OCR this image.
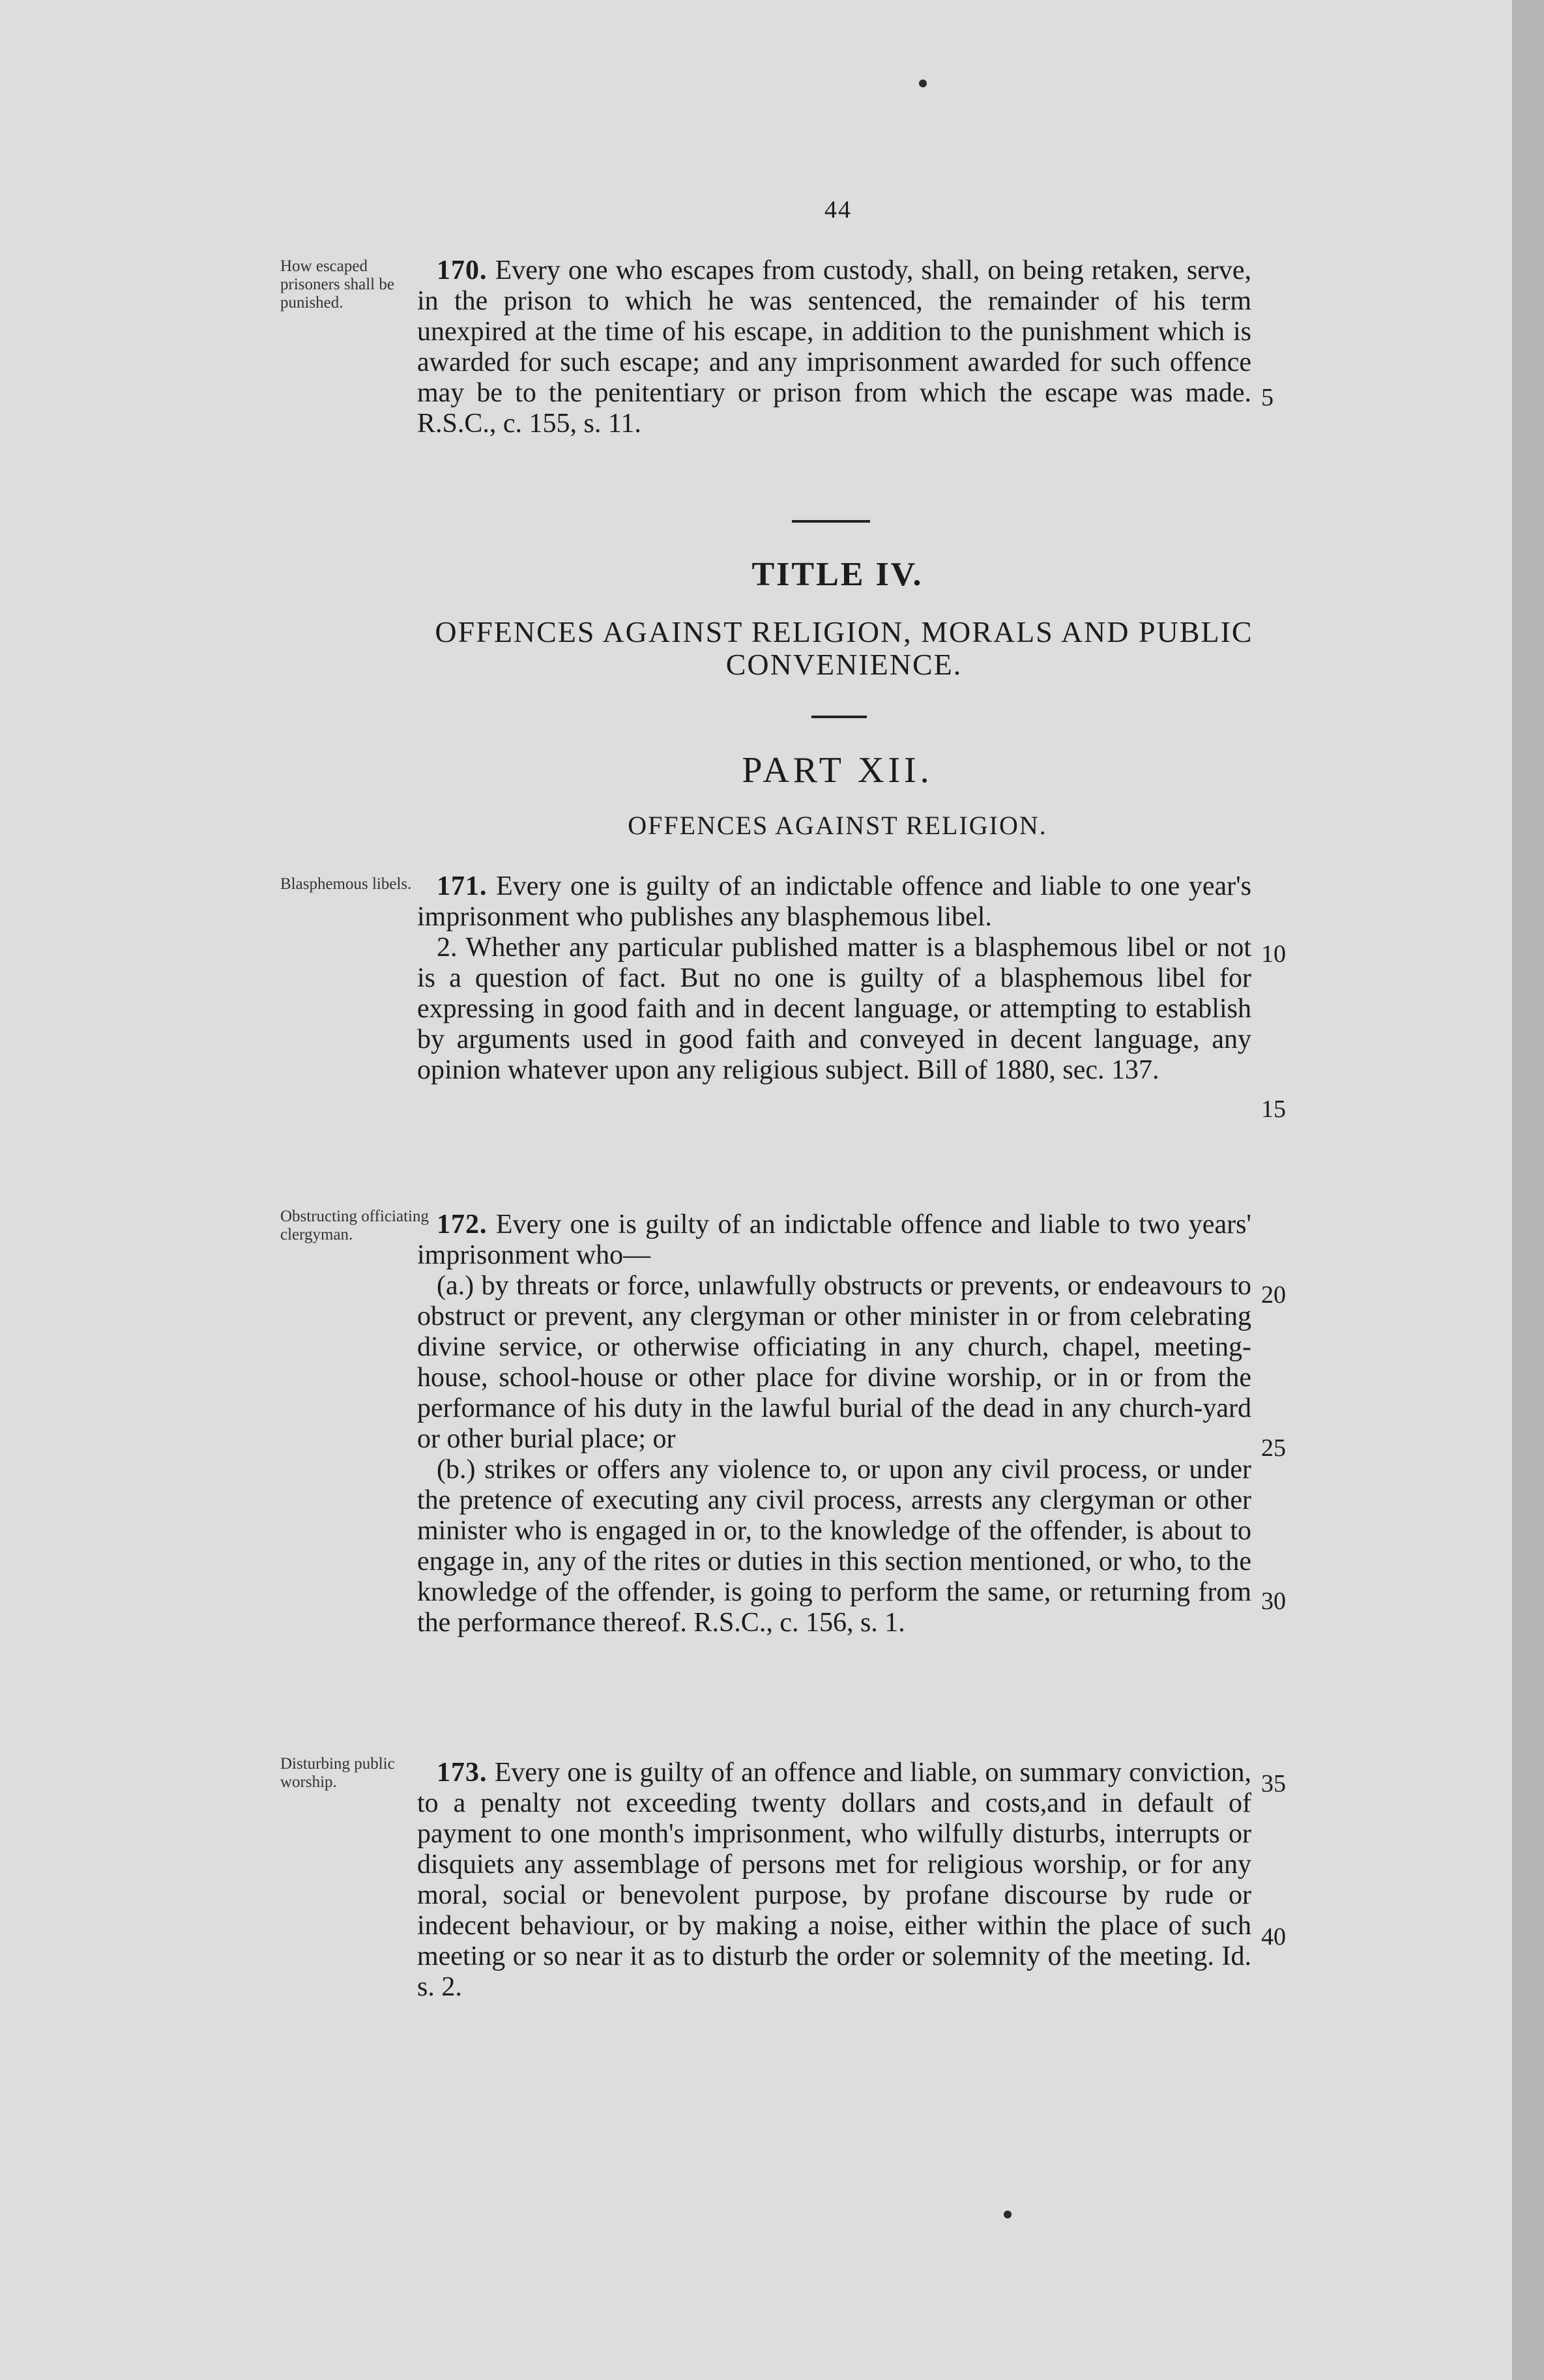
44
How escaped prisoners shall be punished.

170. Every one who escapes from custody, shall, on being retaken, serve, in the prison to which he was sentenced, the remainder of his term unexpired at the time of his escape, in addition to the punishment which is awarded for such escape; and any imprisonment awarded for such offence may be to the penitentiary or prison from which the escape was made. R.S.C., c. 155, s. 11.

5
TITLE IV.
OFFENCES AGAINST RELIGION, MORALS AND PUBLIC CONVENIENCE.
PART XII.
OFFENCES AGAINST RELIGION.
Blasphemous libels. 171. Every one is guilty of an indictable offence and liable to one year's imprisonment who publishes any blasphemous libel.

2. Whether any particular published matter is a blasphemous libel or not is a question of fact. But no one is guilty of a blasphemous libel for expressing in good faith and in decent language, or attempting to establish by arguments used in good faith and conveyed in decent language, any opinion whatever upon any religious subject. Bill of 1880, sec. 137.

10
15
Obstructing officiating clergyman.	172. Every one is guilty of an indictable offence and liable to two years' imprisonment who—

(a.) by threats or force, unlawfully obstructs or prevents, or endeavours to obstruct or prevent, any clergyman or other minister in or from celebrating divine service, or otherwise officiating in any church, chapel, meeting-house, school-house or other place for divine worship, or in or from the performance of his duty in the lawful burial of the dead in any church-yard or other burial place; or

(b.) strikes or offers any violence to, or upon any civil process, or under the pretence of executing any civil process, arrests any clergyman or other minister who is engaged in or, to the knowledge of the offender, is about to engage in, any of the rites or duties in this section mentioned, or who, to the knowledge of the offender, is going to perform the same, or returning from the performance thereof. R.S.C., c. 156, s. 1.

20
25
30
Disturbing public worship.	173. Every one is guilty of an offence and liable, on summary conviction, to a penalty not exceeding twenty dollars and costs,and in default of payment to one month's imprisonment, who wilfully disturbs, interrupts or disquiets any assemblage of persons met for religious worship, or for any moral, social or benevolent purpose, by profane discourse by rude or indecent behaviour, or by making a noise, either within the place of such meeting or so near it as to disturb the order or solemnity of the meeting. Id. s. 2.

35
40
